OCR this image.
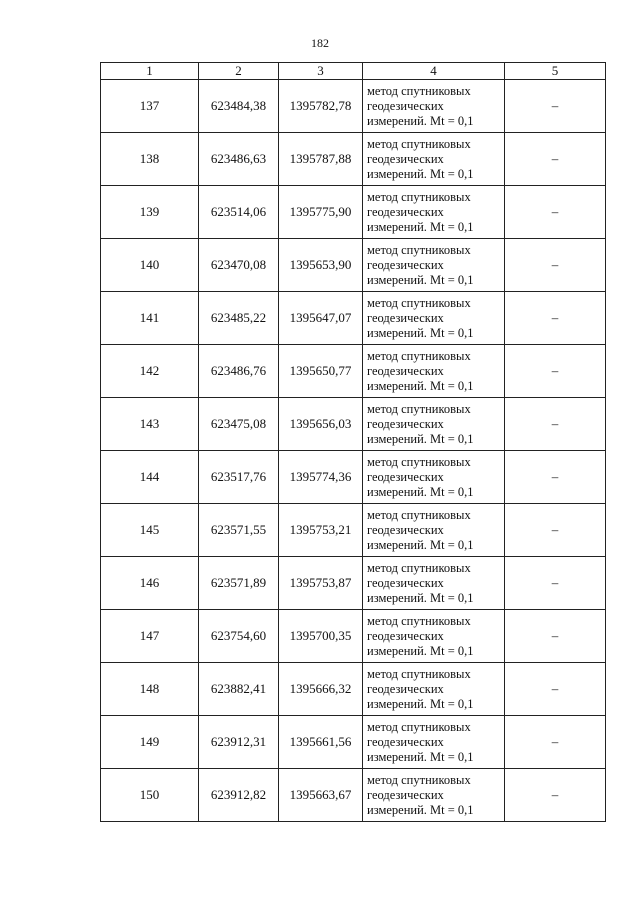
182
1	2	3	4	5
137	623484,38	1395782,78	метод спутниковых
геодезических
измерений. Mt = 0,1	–
138	623486,63	1395787,88	метод спутниковых
геодезических
измерений. Mt = 0,1	–
139	623514,06	1395775,90	метод спутниковых
геодезических
измерений. Mt = 0,1	–
140	623470,08	1395653,90	метод спутниковых
геодезических
измерений. Mt = 0,1	–
141	623485,22	1395647,07	метод спутниковых
геодезических
измерений. Mt = 0,1	–
142	623486,76	1395650,77	метод спутниковых
геодезических
измерений. Mt = 0,1	–
143	623475,08	1395656,03	метод спутниковых
геодезических
измерений. Mt = 0,1	–
144	623517,76	1395774,36	метод спутниковых
геодезических
измерений. Mt = 0,1	–
145	623571,55	1395753,21	метод спутниковых
геодезических
измерений. Mt = 0,1	–
146	623571,89	1395753,87	метод спутниковых
геодезических
измерений. Mt = 0,1	–
147	623754,60	1395700,35	метод спутниковых
геодезических
измерений. Mt = 0,1	–
148	623882,41	1395666,32	метод спутниковых
геодезических
измерений. Mt = 0,1	–
149	623912,31	1395661,56	метод спутниковых
геодезических
измерений. Mt = 0,1	–
150	623912,82	1395663,67	метод спутниковых
геодезических
измерений. Mt = 0,1	–
